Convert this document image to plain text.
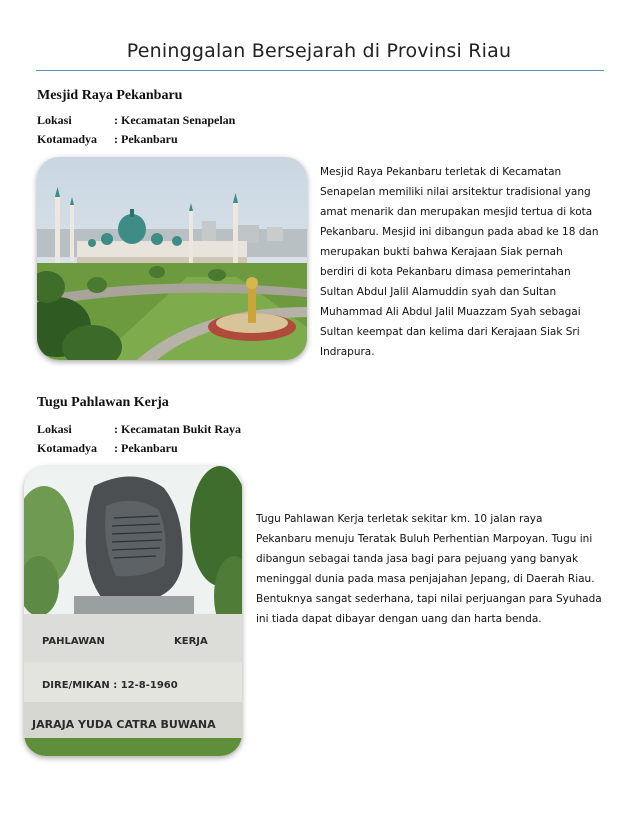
Peninggalan Bersejarah di Provinsi Riau
Mesjid Raya Pekanbaru
Lokasi	: Kecamatan Senapelan
Kotamadya : Pekanbaru

Mesjid Raya Pekanbaru terletak di Kecamatan

Senapelan memiliki nilai arsitektur tradisional yang

amat menarik dan merupakan mesjid tertua di kota

Pekanbaru. Mesjid ini dibangun pada abad ke 18 dan

merupakan bukti bahwa Kerajaan Siak pernah

berdiri di kota Pekanbaru dimasa pemerintahan

Sultan Abdul Jalil Alamuddin syah dan Sultan

Muhammad Ali Abdul Jalil Muazzam Syah sebagai

Sultan keempat dan kelima dari Kerajaan Siak Sri

Indrapura.

Tugu Pahlawan Kerja
Lokasi	: Kecamatan Bukit Raya
Kotamadya : Pekanbaru
PAHLAWAN	KERJA
DIRE/MIKAN : 12-8-1960
JARAJA YUDA CATRA BUWANA

Tugu Pahlawan Kerja terletak sekitar km. 10 jalan raya

Pekanbaru menuju Teratak Buluh Perhentian Marpoyan. Tugu ini

dibangun sebagai tanda jasa bagi para pejuang yang banyak

meninggal dunia pada masa penjajahan Jepang, di Daerah Riau.

Bentuknya sangat sederhana, tapi nilai perjuangan para Syuhada

ini tiada dapat dibayar dengan uang dan harta benda.
